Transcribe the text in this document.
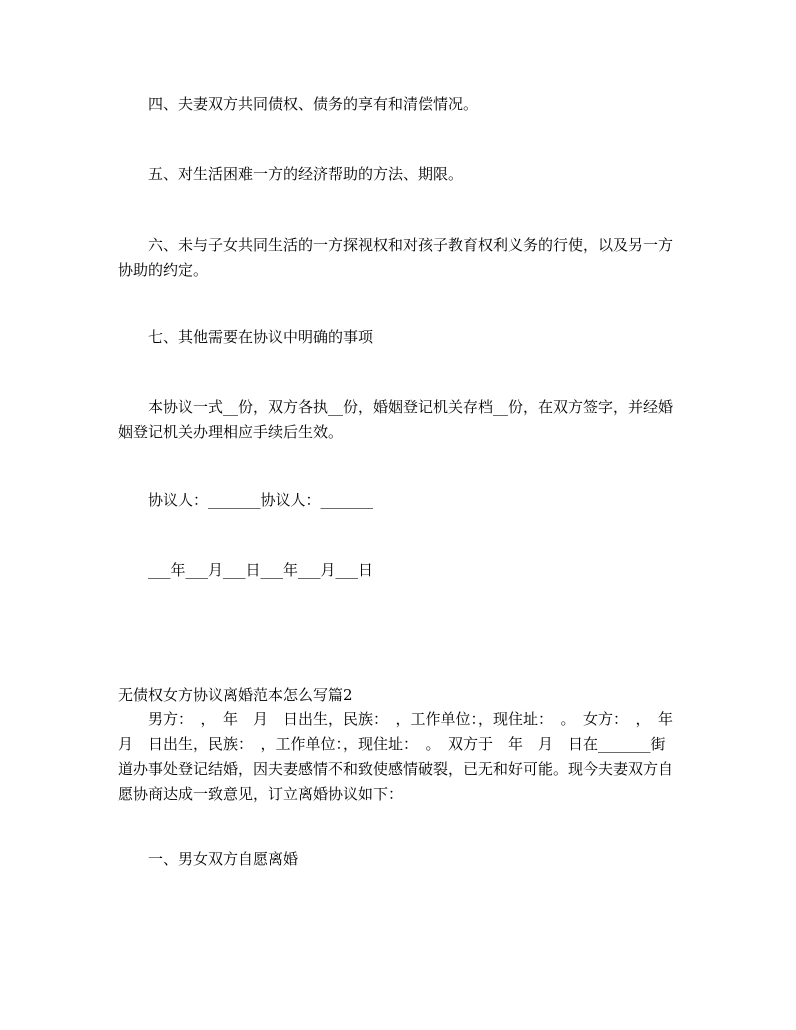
四、夫妻双方共同债权、债务的享有和清偿情况。

五、对生活困难一方的经济帮助的方法、期限。

六、未与子女共同生活的一方探视权和对孩子教育权利义务的行使，以及另一方协助的约定。

七、其他需要在协议中明确的事项

本协议一式__份，双方各执__份，婚姻登记机关存档__份，在双方签字，并经婚姻登记机关办理相应手续后生效。

协议人：_______协议人：_______

___年___月___日___年___月___日

无债权女方协议离婚范本怎么写篇2

男方：　，　年　月　日出生，民族：　，工作单位：，现住址：　。　女方：　，　年　月　日出生，民族：　，工作单位：，现住址：　。　双方于　年　月　日在_______街道办事处登记结婚，因夫妻感情不和致使感情破裂，已无和好可能。现今夫妻双方自愿协商达成一致意见，订立离婚协议如下：

一、男女双方自愿离婚
